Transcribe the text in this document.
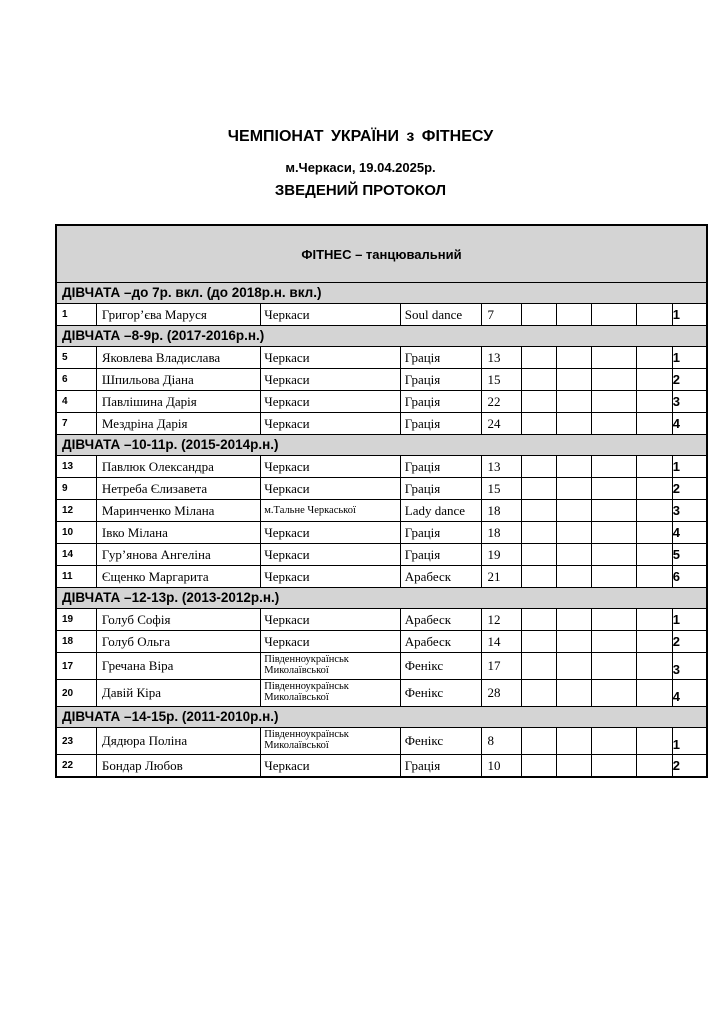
ЧЕМПІОНАТ УКРАЇНИ з ФІТНЕСУ
м.Черкаси, 19.04.2025р.
ЗВЕДЕНИЙ ПРОТОКОЛ
ФІТНЕС – танцювальний
ДІВЧАТА –до 7р. вкл. (до 2018р.н. вкл.)
1	Григор’єва Маруся	Черкаси	Soul dance	7	1
ДІВЧАТА –8-9р. (2017-2016р.н.)
5	Яковлева Владислава	Черкаси	Грація	13	1
6	Шпильова Діана	Черкаси	Грація	15	2
4	Павлішина Дарія	Черкаси	Грація	22	3
7	Мездріна Дарія	Черкаси	Грація	24	4
ДІВЧАТА –10-11р. (2015-2014р.н.)
13	Павлюк Олександра	Черкаси	Грація	13	1
9	Нетреба Єлизавета	Черкаси	Грація	15	2
12	Маринченко Мілана	м.Тальне Черкаської	Lady dance	18	3
10	Івко Мілана	Черкаси	Грація	18	4
14	Гур’янова Ангеліна	Черкаси	Грація	19	5
11	Єщенко Маргарита	Черкаси	Арабеск	21	6
ДІВЧАТА –12-13р. (2013-2012р.н.)
19	Голуб Софія	Черкаси	Арабеск	12	1
18	Голуб Ольга	Черкаси	Арабеск	14	2
17	Гречана Віра	Південноукраїнськ Миколаївської	Фенікс	17	3
20	Давій Кіра	Південноукраїнськ Миколаївської	Фенікс	28	4
ДІВЧАТА –14-15р. (2011-2010р.н.)
23	Дядюра Поліна	Південноукраїнськ Миколаївської	Фенікс	8	1
22	Бондар Любов	Черкаси	Грація	10	2
